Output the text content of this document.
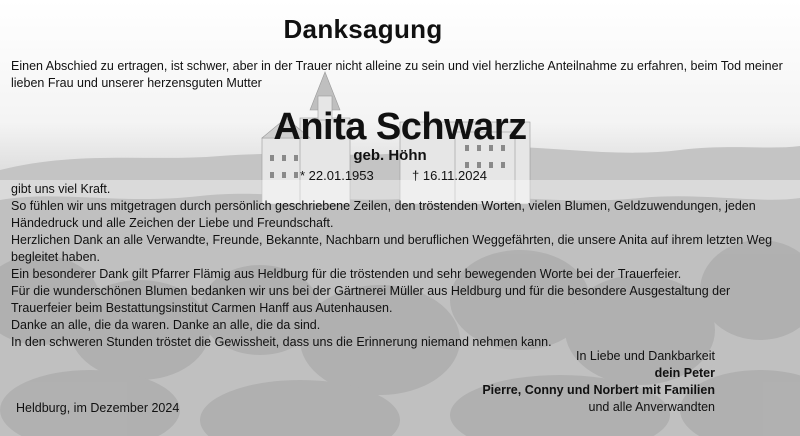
Danksagung

Einen Abschied zu ertragen, ist schwer, aber in der Trauer nicht alleine zu sein und viel herzliche Anteilnahme zu erfahren, beim Tod meiner

lieben Frau und unserer herzensguten Mutter

Anita Schwarz
geb. Höhn
* 22.01.1953	† 16.11.2024

gibt uns viel Kraft.

So fühlen wir uns mitgetragen durch persönlich geschriebene Zeilen, den tröstenden Worten, vielen Blumen, Geldzuwendungen, jeden

Händedruck und alle Zeichen der Liebe und Freundschaft.

Herzlichen Dank an alle Verwandte, Freunde, Bekannte, Nachbarn und beruflichen Weggefährten, die unsere Anita auf ihrem letzten Weg

begleitet haben.

Ein besonderer Dank gilt Pfarrer Flämig aus Heldburg für die tröstenden und sehr bewegenden Worte bei der Trauerfeier.

Für die wunderschönen Blumen bedanken wir uns bei der Gärtnerei Müller aus Heldburg und für die besondere Ausgestaltung der

Trauerfeier beim Bestattungsinstitut Carmen Hanff aus Autenhausen.

Danke an alle, die da waren. Danke an alle, die da sind.

In den schweren Stunden tröstet die Gewissheit, dass uns die Erinnerung niemand nehmen kann.

In Liebe und Dankbarkeit

dein Peter

Pierre, Conny und Norbert mit Familien

und alle Anverwandten

Heldburg, im Dezember 2024
